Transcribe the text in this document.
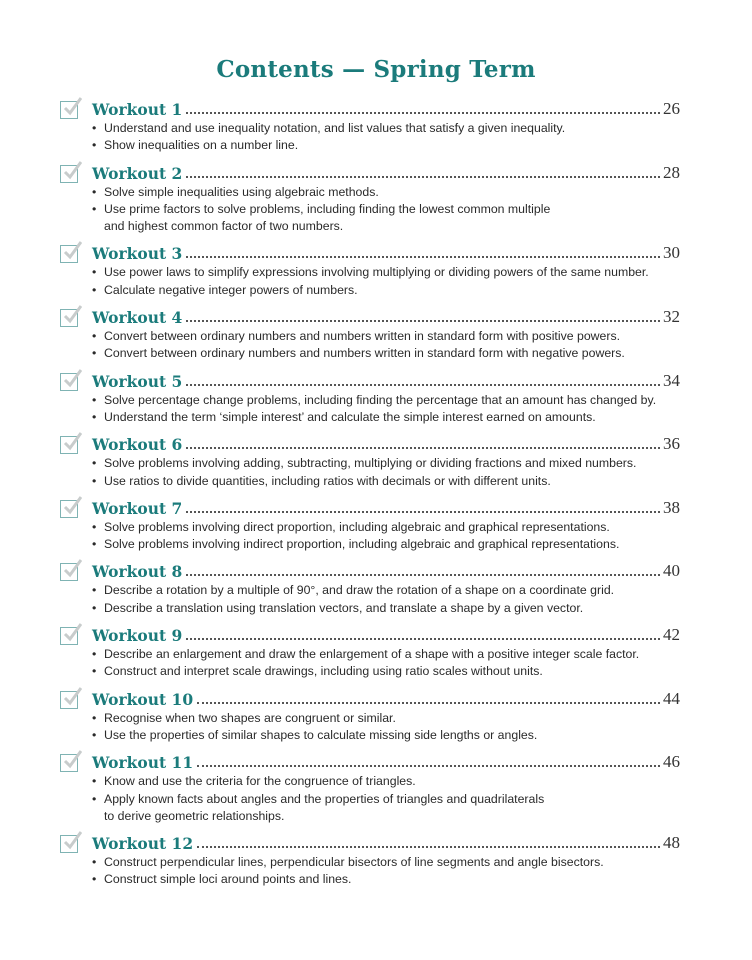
Contents — Spring Term
Workout 1	26
• Understand and use inequality notation, and list values that satisfy a given inequality.
• Show inequalities on a number line.
Workout 2	28
• Solve simple inequalities using algebraic methods.
• Use prime factors to solve problems, including finding the lowest common multiple
and highest common factor of two numbers.
Workout 3	30
• Use power laws to simplify expressions involving multiplying or dividing powers of the same number.
• Calculate negative integer powers of numbers.
Workout 4	32
• Convert between ordinary numbers and numbers written in standard form with positive powers.
• Convert between ordinary numbers and numbers written in standard form with negative powers.
Workout 5	34
• Solve percentage change problems, including finding the percentage that an amount has changed by.
• Understand the term ‘simple interest’ and calculate the simple interest earned on amounts.
Workout 6	36
• Solve problems involving adding, subtracting, multiplying or dividing fractions and mixed numbers.
• Use ratios to divide quantities, including ratios with decimals or with different units.
Workout 7	38
• Solve problems involving direct proportion, including algebraic and graphical representations.
• Solve problems involving indirect proportion, including algebraic and graphical representations.
Workout 8	40
• Describe a rotation by a multiple of 90°, and draw the rotation of a shape on a coordinate grid.
• Describe a translation using translation vectors, and translate a shape by a given vector.
Workout 9	42
• Describe an enlargement and draw the enlargement of a shape with a positive integer scale factor.
• Construct and interpret scale drawings, including using ratio scales without units.
Workout 10	44
• Recognise when two shapes are congruent or similar.
• Use the properties of similar shapes to calculate missing side lengths or angles.
Workout 11	46
• Know and use the criteria for the congruence of triangles.
• Apply known facts about angles and the properties of triangles and quadrilaterals
to derive geometric relationships.
Workout 12	48
• Construct perpendicular lines, perpendicular bisectors of line segments and angle bisectors.
• Construct simple loci around points and lines.
